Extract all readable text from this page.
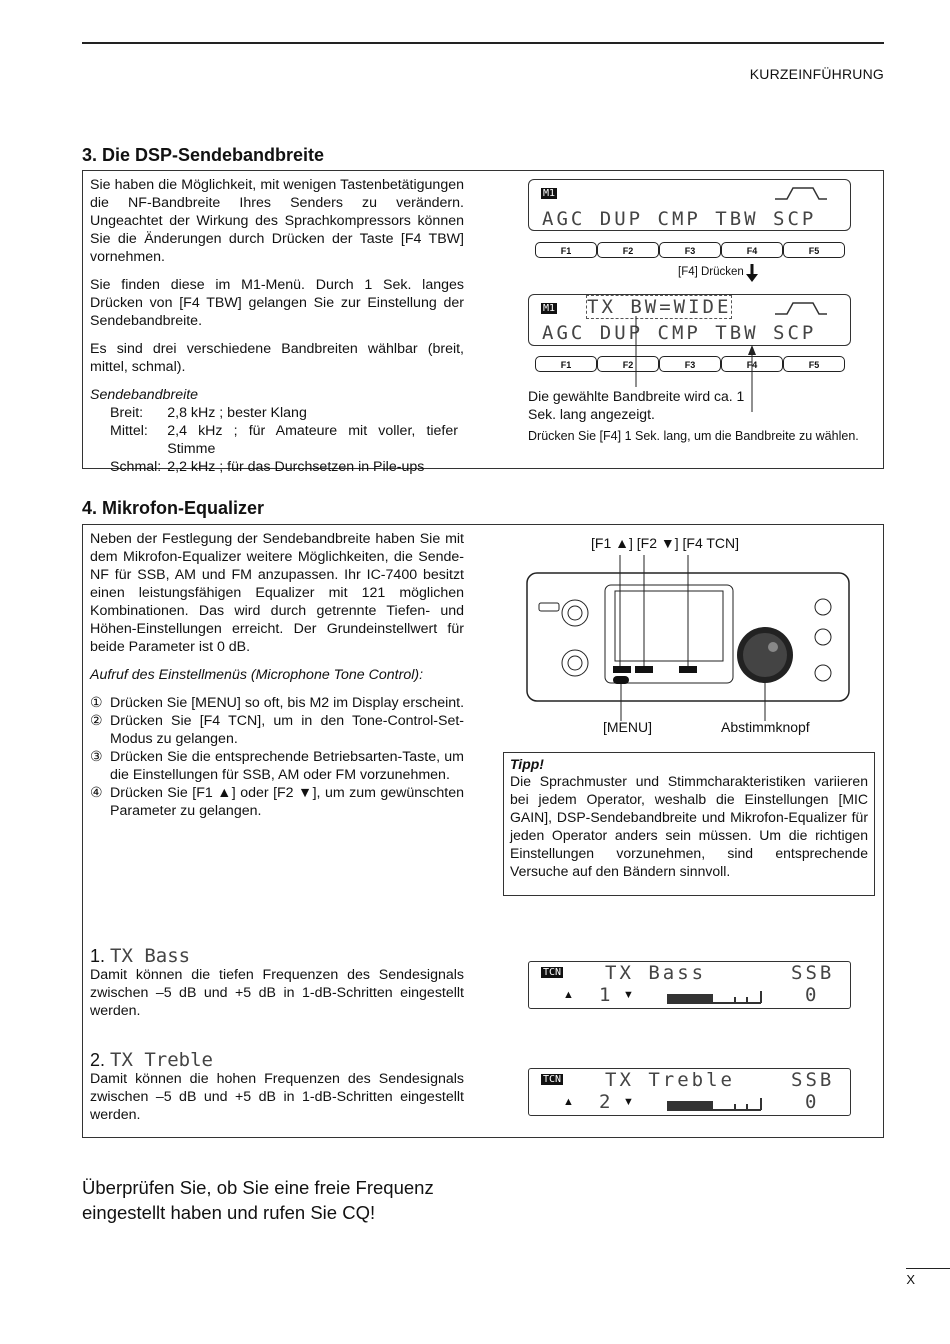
KURZEINFÜHRUNG
3. Die DSP-Sendebandbreite

Sie haben die Möglichkeit, mit wenigen Tastenbetätigungen die NF-Bandbreite Ihres Senders zu verändern. Ungeachtet der Wirkung des Sprachkompressors können Sie die Änderungen durch Drücken der Taste [F4 TBW] vornehmen.

Sie finden diese im M1-Menü. Durch 1 Sek. langes Drücken von [F4 TBW] gelangen Sie zur Einstellung der Sendebandbreite.

Es sind drei verschiedene Bandbreiten wählbar (breit, mittel, schmal).

Sendebandbreite
Breit:	2,8 kHz ; bester Klang
Mittel:	2,4 kHz ; für Amateure mit voller, tiefer Stimme
Schmal:	2,2 kHz ; für das Durchsetzen in Pile-ups
M1
AGC DUP CMP TBW SCP
F1	F2	F3	F4	F5
[F4] Drücken
M1 TX BW=WIDE
AGC DUP CMP TBW SCP
F1	F2	F3	F4	F5
Die gewählte Bandbreite wird ca. 1 Sek. lang angezeigt.
Drücken Sie [F4] 1 Sek. lang, um die Bandbreite zu wählen.
4. Mikrofon-Equalizer

Neben der Festlegung der Sendebandbreite haben Sie mit dem Mikrofon-Equalizer weitere Möglichkeiten, die Sende-NF für SSB, AM und FM anzupassen. Ihr IC-7400 besitzt einen leistungsfähigen Equalizer mit 121 möglichen Kombinationen. Das wird durch getrennte Tiefen- und Höhen-Einstellungen erreicht. Der Grundeinstellwert für beide Parameter ist 0 dB.

Aufruf des Einstellmenüs (Microphone Tone Control):
① Drücken Sie [MENU] so oft, bis M2 im Display erscheint.
② Drücken Sie [F4 TCN], um in den Tone-Control-Set-Modus zu gelangen.
③ Drücken Sie die entsprechende Betriebsarten-Taste, um die Einstellungen für SSB, AM oder FM vorzunehmen.
④ Drücken Sie [F1 ▲] oder [F2 ▼], um zum gewünschten Parameter zu gelangen.
[F1 ▲] [F2 ▼] [F4 TCN]
[MENU]	Abstimmknopf
Tipp!
Die Sprachmuster und Stimmcharakteristiken variieren bei jedem Operator, weshalb die Einstellungen [MIC GAIN], DSP-Sendebandbreite und Mikrofon-Equalizer für jeden Operator anders sein müssen. Um die richtigen Einstellungen vorzunehmen, sind entsprechende Versuche auf den Bändern sinnvoll.
1. TX Bass
Damit können die tiefen Frequenzen des Sendesignals zwischen –5 dB und +5 dB in 1-dB-Schritten eingestellt werden.
TCN TX Bass	SSB
▲ 1 ▼	0
2. TX Treble
Damit können die hohen Frequenzen des Sendesignals zwischen –5 dB und +5 dB in 1-dB-Schritten eingestellt werden.
TCN TX Treble	SSB
▲ 2 ▼	0
Überprüfen Sie, ob Sie eine freie Frequenz eingestellt haben und rufen Sie CQ!
X
